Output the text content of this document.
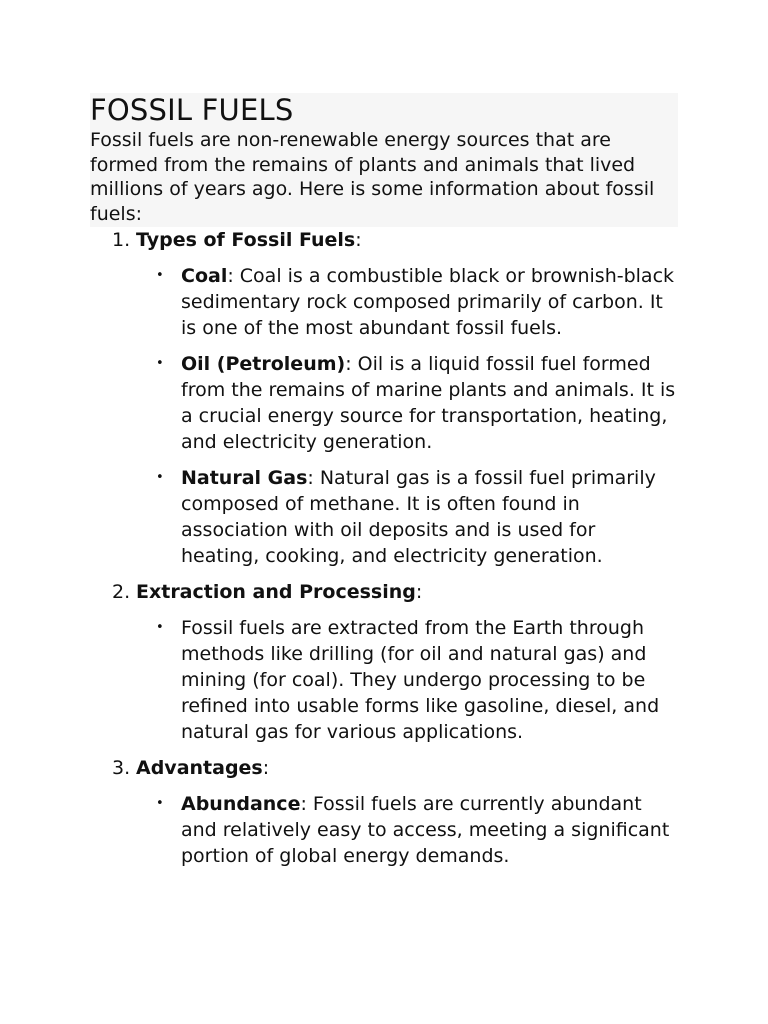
FOSSIL FUELS

Fossil fuels are non-renewable energy sources that are formed from the remains of plants and animals that lived millions of years ago. Here is some information about fossil fuels:

1. Types of Fossil Fuels:
• Coal: Coal is a combustible black or brownish-black sedimentary rock composed primarily of carbon. It is one of the most abundant fossil fuels.
• Oil (Petroleum): Oil is a liquid fossil fuel formed from the remains of marine plants and animals. It is a crucial energy source for transportation, heating, and electricity generation.
• Natural Gas: Natural gas is a fossil fuel primarily composed of methane. It is often found in association with oil deposits and is used for heating, cooking, and electricity generation.
2. Extraction and Processing:
• Fossil fuels are extracted from the Earth through methods like drilling (for oil and natural gas) and mining (for coal). They undergo processing to be refined into usable forms like gasoline, diesel, and natural gas for various applications.
3. Advantages:
• Abundance: Fossil fuels are currently abundant and relatively easy to access, meeting a significant portion of global energy demands.
